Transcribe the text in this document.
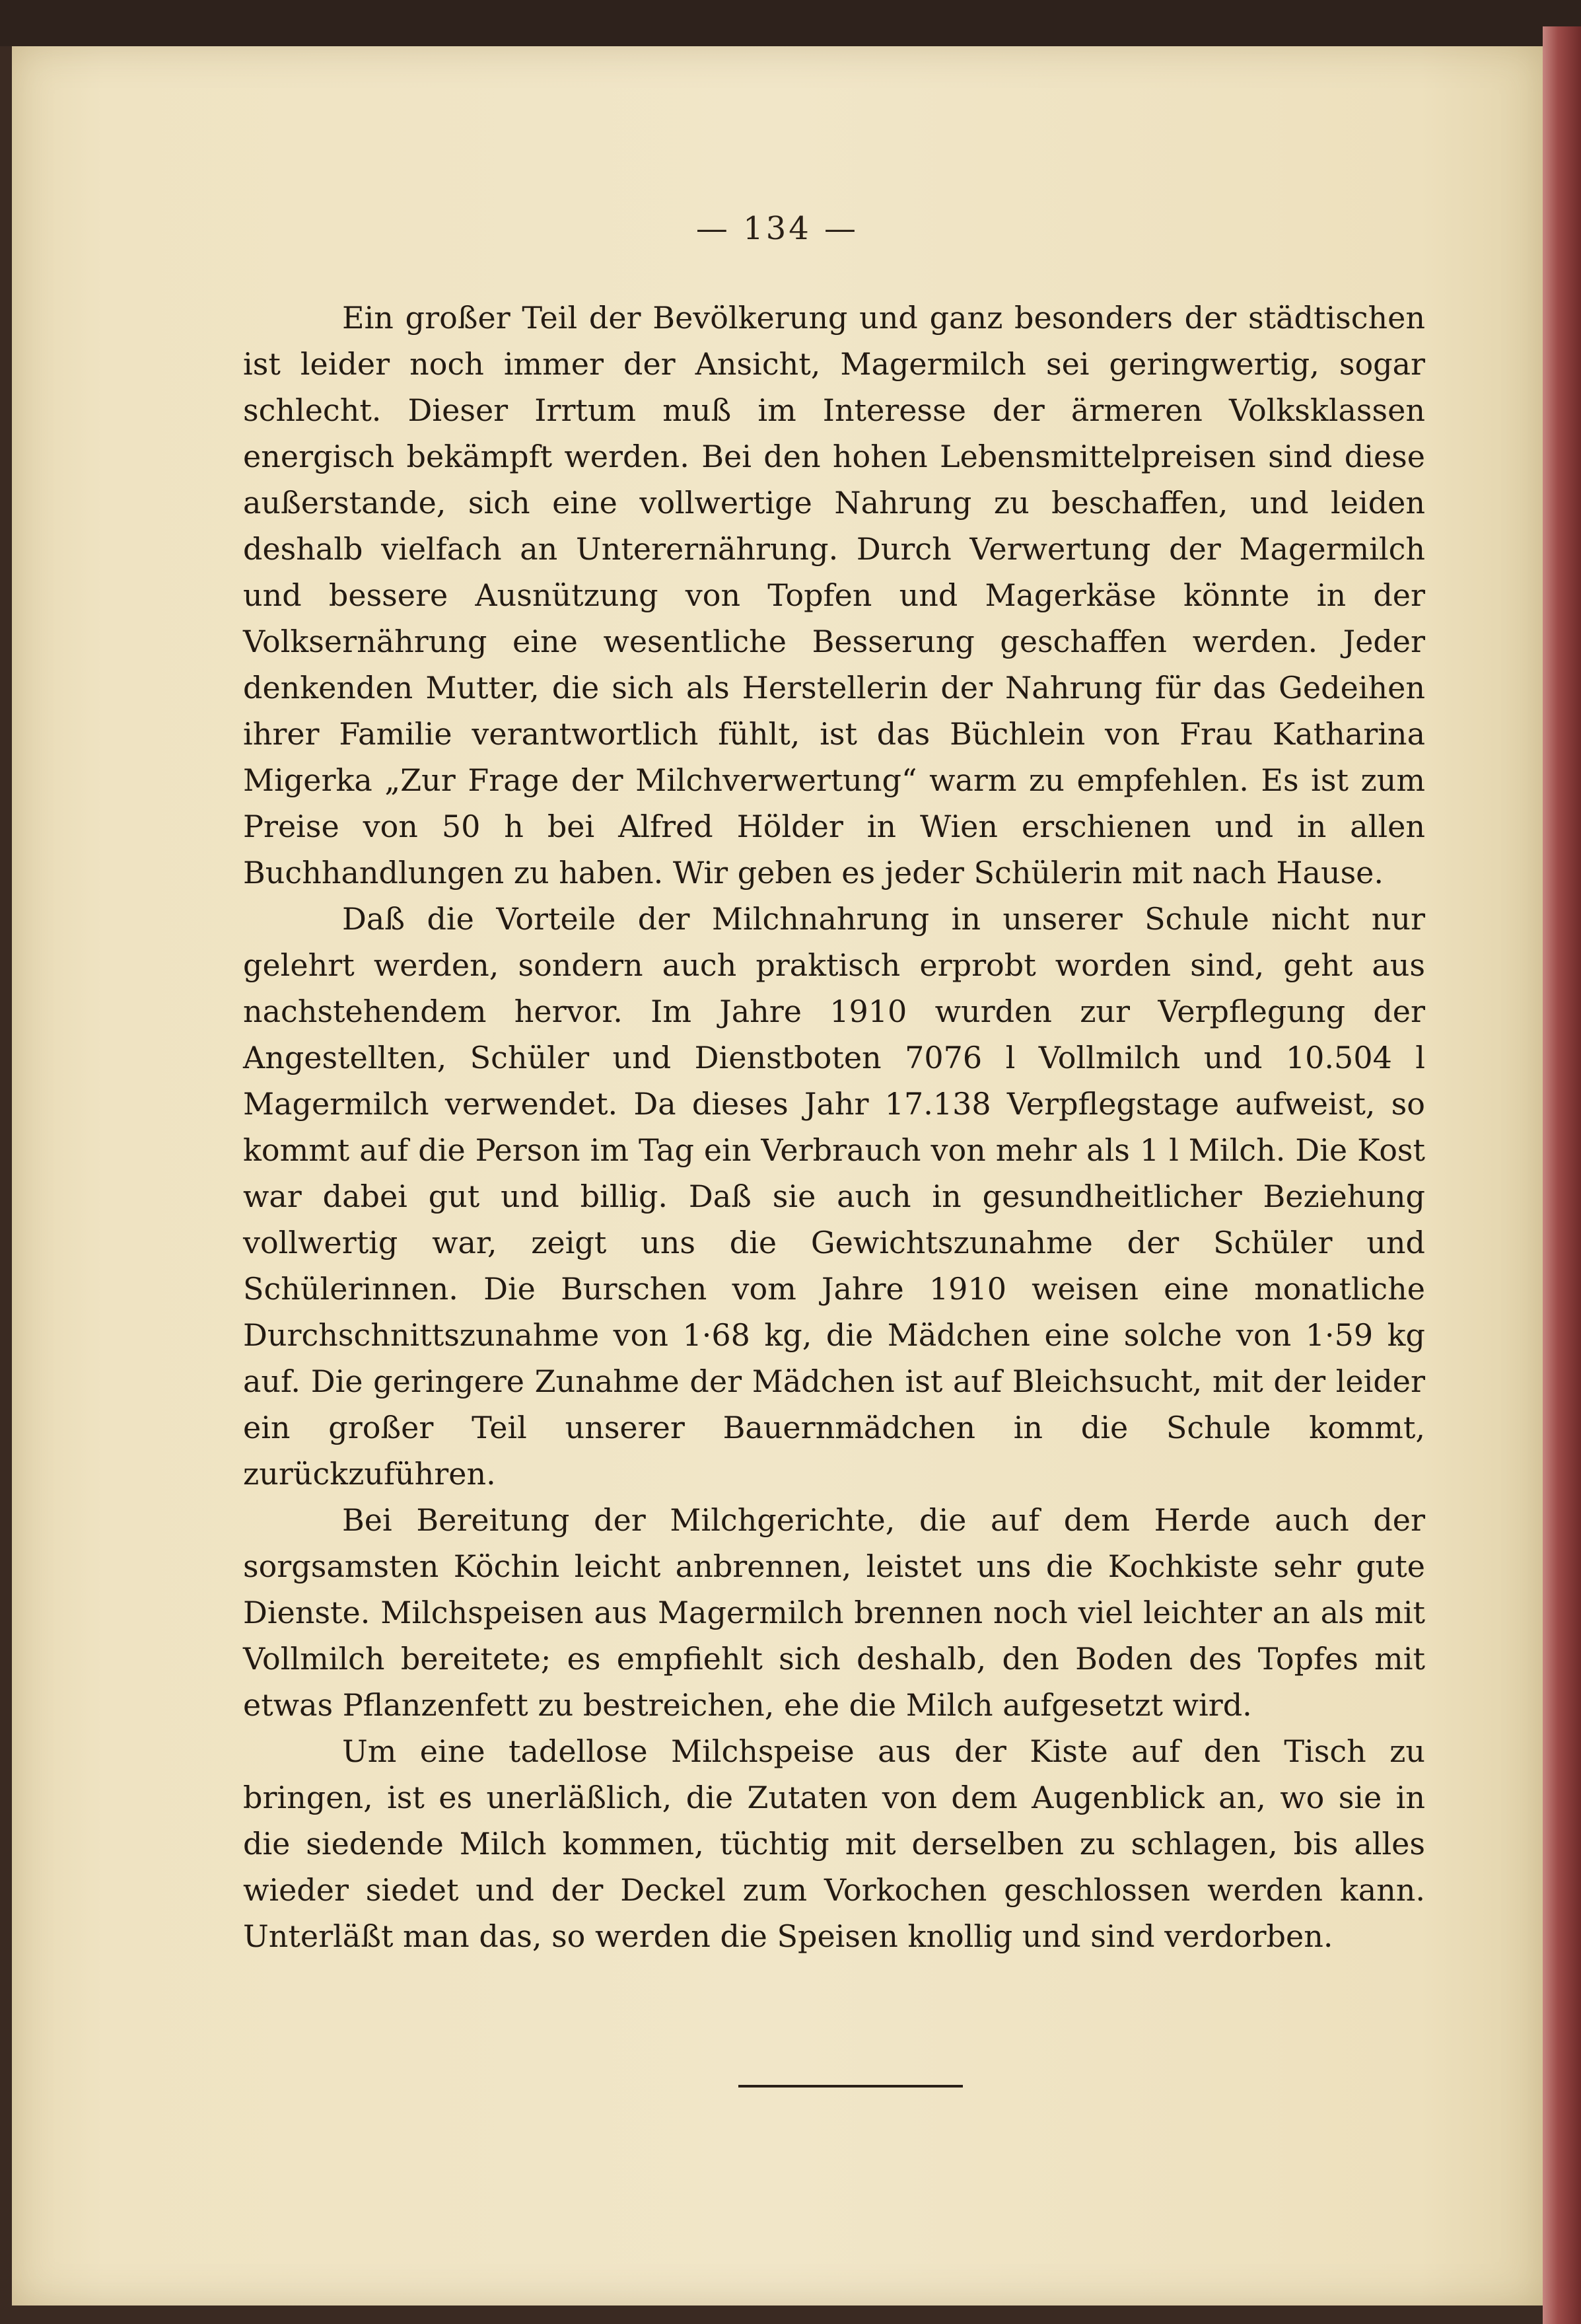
— 134 —

Ein großer Teil der Bevölkerung und ganz besonders der städtischen ist leider noch immer der Ansicht, Magermilch sei geringwertig, sogar schlecht. Dieser Irrtum muß im Interesse der ärmeren Volksklassen energisch bekämpft werden. Bei den hohen Lebensmittelpreisen sind diese außerstande, sich eine vollwertige Nahrung zu beschaffen, und leiden deshalb vielfach an Unterernährung. Durch Verwertung der Magermilch und bessere Ausnützung von Topfen und Magerkäse könnte in der Volksernährung eine wesentliche Besserung geschaffen werden. Jeder denkenden Mutter, die sich als Herstellerin der Nahrung für das Gedeihen ihrer Familie verantwortlich fühlt, ist das Büchlein von Frau Katharina Migerka „Zur Frage der Milchverwertung“ warm zu empfehlen. Es ist zum Preise von 50 h bei Alfred Hölder in Wien erschienen und in allen Buchhandlungen zu haben. Wir geben es jeder Schülerin mit nach Hause.

Daß die Vorteile der Milchnahrung in unserer Schule nicht nur gelehrt werden, sondern auch praktisch erprobt worden sind, geht aus nachstehendem hervor. Im Jahre 1910 wurden zur Verpflegung der Angestellten, Schüler und Dienstboten 7076 l Vollmilch und 10.504 l Magermilch verwendet. Da dieses Jahr 17.138 Verpflegstage aufweist, so kommt auf die Person im Tag ein Verbrauch von mehr als 1 l Milch. Die Kost war dabei gut und billig. Daß sie auch in gesundheitlicher Beziehung vollwertig war, zeigt uns die Gewichtszunahme der Schüler und Schülerinnen. Die Burschen vom Jahre 1910 weisen eine monatliche Durchschnittszunahme von 1·68 kg, die Mädchen eine solche von 1·59 kg auf. Die geringere Zunahme der Mädchen ist auf Bleichsucht, mit der leider ein großer Teil unserer Bauernmädchen in die Schule kommt, zurückzuführen.

Bei Bereitung der Milchgerichte, die auf dem Herde auch der sorgsamsten Köchin leicht anbrennen, leistet uns die Kochkiste sehr gute Dienste. Milchspeisen aus Magermilch brennen noch viel leichter an als mit Vollmilch bereitete; es empfiehlt sich deshalb, den Boden des Topfes mit etwas Pflanzenfett zu bestreichen, ehe die Milch aufgesetzt wird.

Um eine tadellose Milchspeise aus der Kiste auf den Tisch zu bringen, ist es unerläßlich, die Zutaten von dem Augenblick an, wo sie in die siedende Milch kommen, tüchtig mit derselben zu schlagen, bis alles wieder siedet und der Deckel zum Vorkochen geschlossen werden kann. Unterläßt man das, so werden die Speisen knollig und sind verdorben.
